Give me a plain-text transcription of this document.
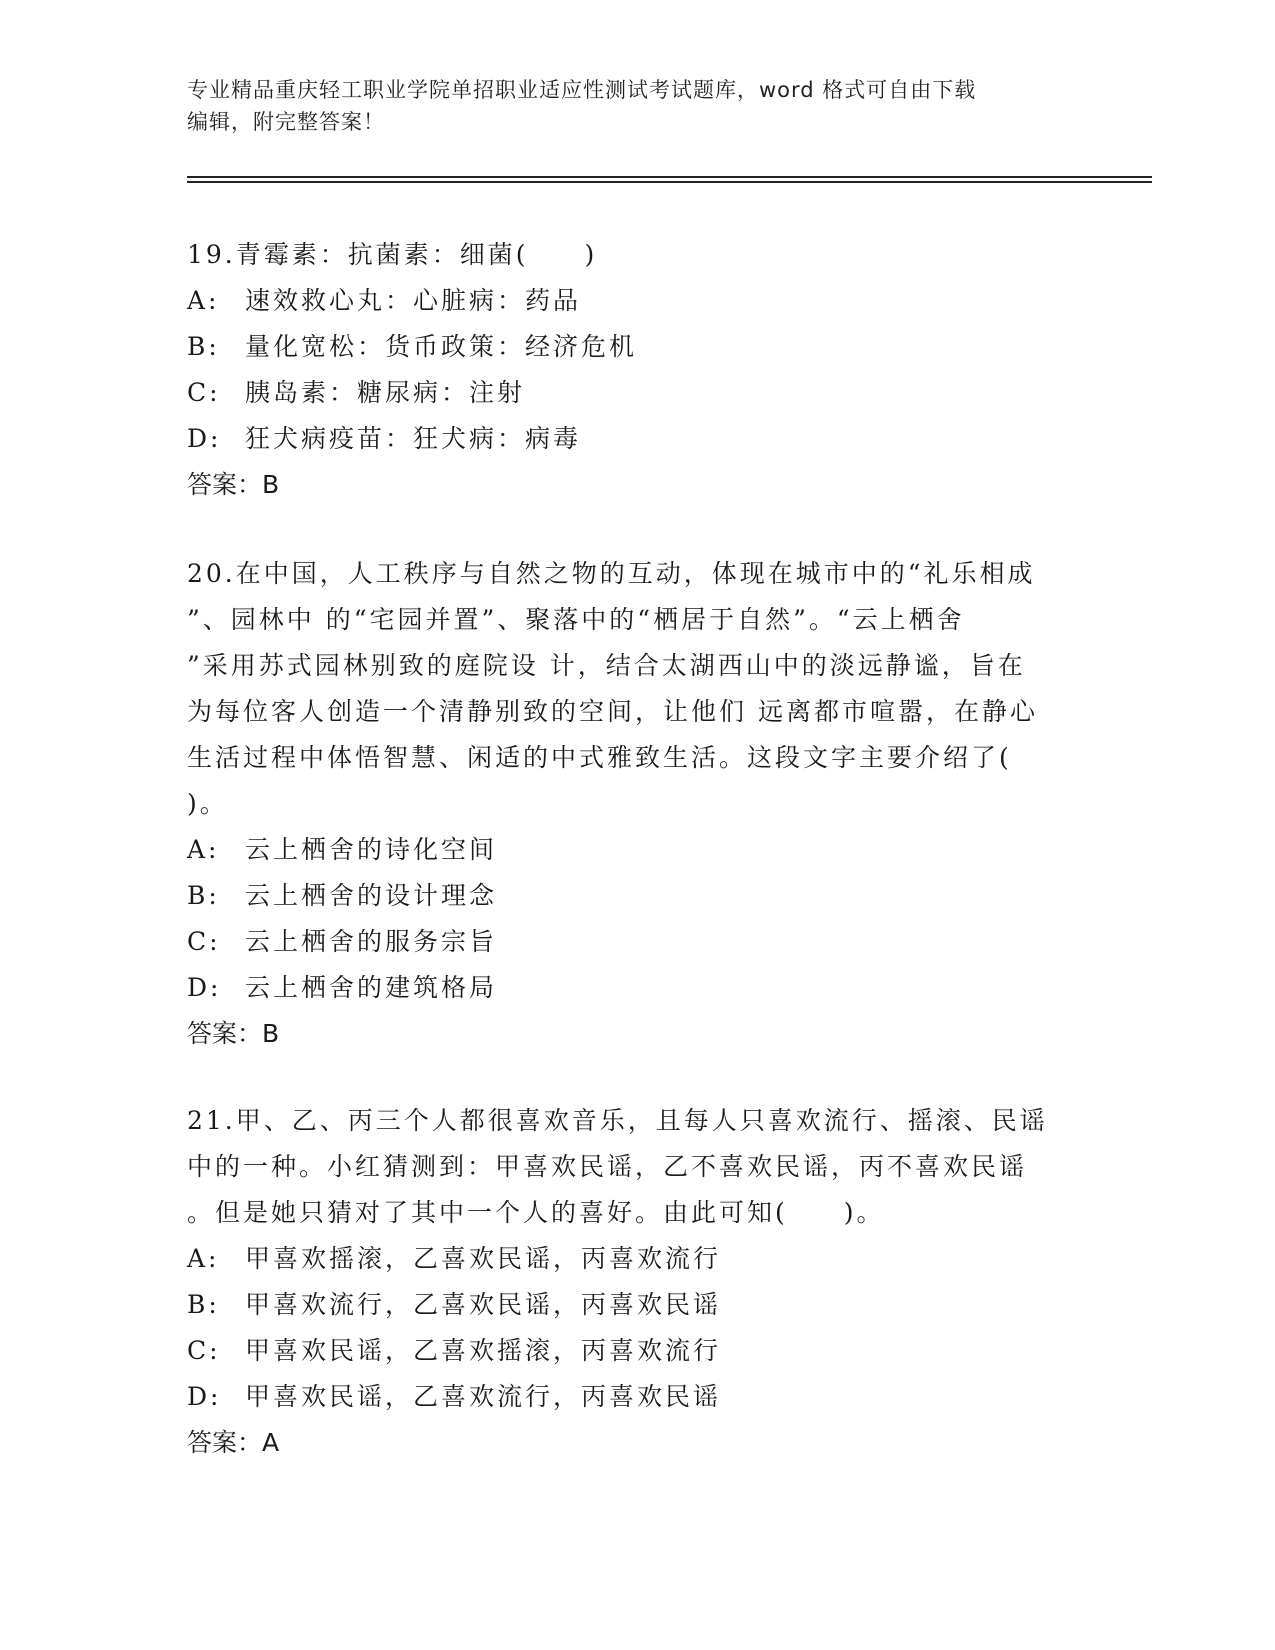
专业精品重庆轻工职业学院单招职业适应性测试考试题库，word 格式可自由下载
编辑，附完整答案！

19.青霉素：抗菌素：细菌(　　)

A:	速效救心丸：心脏病：药品

B:	量化宽松：货币政策：经济危机

C: 胰岛素：糖尿病：注射

D: 狂犬病疫苗：狂犬病：病毒

答案：B

20.在中国，人工秩序与自然之物的互动，体现在城市中的“礼乐相成

”、园林中 的“宅园并置”、聚落中的“栖居于自然”。“云上栖舍

”采用苏式园林别致的庭院设 计，结合太湖西山中的淡远静谧，旨在

为每位客人创造一个清静别致的空间，让他们 远离都市喧嚣，在静心

生活过程中体悟智慧、闲适的中式雅致生活。这段文字主要介绍了(

)。

A:	云上栖舍的诗化空间

B:	云上栖舍的设计理念

C: 云上栖舍的服务宗旨

D: 云上栖舍的建筑格局

答案：B

21.甲、乙、丙三个人都很喜欢音乐，且每人只喜欢流行、摇滚、民谣

中的一种。小红猜测到：甲喜欢民谣，乙不喜欢民谣，丙不喜欢民谣

。但是她只猜对了其中一个人的喜好。由此可知(　　)。

A:	甲喜欢摇滚，乙喜欢民谣，丙喜欢流行

B:	甲喜欢流行，乙喜欢民谣，丙喜欢民谣

C: 甲喜欢民谣，乙喜欢摇滚，丙喜欢流行

D: 甲喜欢民谣，乙喜欢流行，丙喜欢民谣

答案：A
